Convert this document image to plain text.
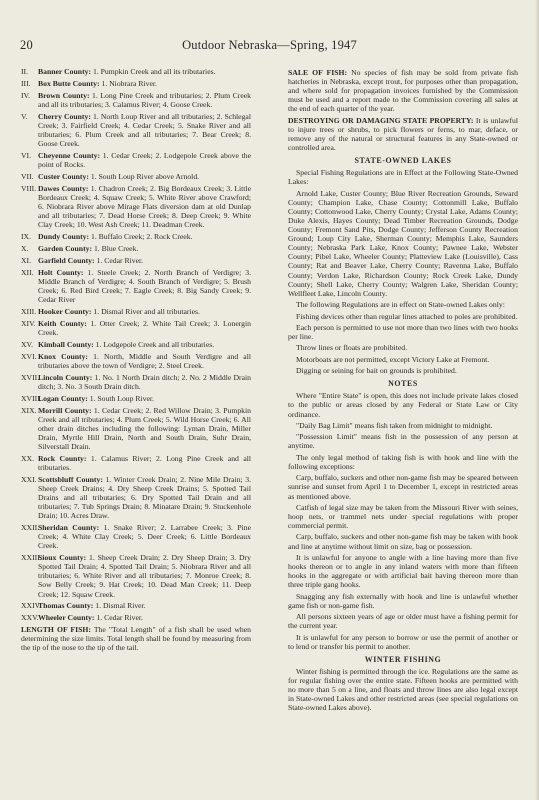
20	Outdoor Nebraska—Spring, 1947
II.	Banner County: 1. Pumpkin Creek and all its tributaries.
III. Box Butte County: 1. Niobrara River.
IV.	Brown County: 1. Long Pine Creek and tributaries; 2. Plum Creek and all its tributaries; 3. Calamus River; 4. Goose Creek.
V.	Cherry County: 1. North Loup River and all tributaries; 2. Schlegal Creek; 3. Fairfield Creek; 4. Cedar Creek; 5. Snake River and all tributaries; 6. Plum Creek and all tributaries; 7. Bear Creek; 8. Goose Creek.
VI. Cheyenne County: 1. Cedar Creek; 2. Lodgepole Creek above the point of Rocks.
VII. Custer County: 1. South Loup River above Arnold.
VIII. Dawes County: 1. Chadron Creek; 2. Big Bordeaux Creek; 3. Little Bordeaux Creek; 4. Squaw Creek; 5. White River above Crawford; 6. Niobrara River above Mirage Flats diversion dam at old Dunlap and all tributaries; 7. Dead Horse Creek; 8. Deep Creek; 9. White Clay Creek; 10. West Ash Creek; 11. Deadman Creek.
IX. Dundy County: 1. Buffalo Creek; 2. Rock Creek.
X.	Garden County: 1. Blue Creek.
XI. Garfield County: 1. Cedar River.
XII. Holt County: 1. Steele Creek; 2. North Branch of Verdigre; 3. Middle Branch of Verdigre; 4. South Branch of Verdigre; 5. Brush Creek; 6. Red Bird Creek; 7. Eagle Creek; 8. Big Sandy Creek; 9. Cedar River
XIII. Hooker County: 1. Dismal River and all tributaries.
XIV. Keith County: 1. Otter Creek; 2. White Tail Creek; 3. Lonergin Creek.
XV. Kimball County: 1. Lodgepole Creek and all tributaries.
XVI. Knox County: 1. North, Middle and South Verdigre and all tributaries above the town of Verdigre; 2. Steel Creek.
XVII.
Lincoln County: 1. No. 1 North Drain ditch; 2. No. 2 Middle Drain ditch; 3. No. 3 South Drain ditch.
XVIII.
Logan County: 1. South Loup River.
XIX. Morrill County: 1. Cedar Creek; 2. Red Willow Drain; 3. Pumpkin Creek and all tributaries; 4. Plum Creek; 5. Wild Horse Creek; 6. All other drain ditches including the following: Lyman Drain, Miller Drain, Myrtle Hill Drain, North and South Drain, Suhr Drain, Silverstall Drain.
XX. Rock County: 1. Calamus River; 2. Long Pine Creek and all tributaries.
XXI. Scottsbluff County: 1. Winter Creek Drain; 2. Nine Mile Drain; 3. Sheep Creek Drains; 4. Dry Sheep Creek Drains; 5. Spotted Tail Drains and all tributaries; 6. Dry Spotted Tail Drain and all tributaries; 7. Tub Springs Drain; 8. Minatare Drain; 9. Stuckenhole Drain; 10. Acres Draw.
XXII.
Sheridan County: 1. Snake River; 2. Larrabee Creek; 3. Pine Creek; 4. White Clay Creek; 5. Deer Creek; 6. Little Bordeaux Creek.
XXIII.
Sioux County: 1. Sheep Creek Drain; 2. Dry Sheep Drain; 3. Dry Spotted Tail Drain; 4. Spotted Tail Drain; 5. Niobrara River and all tributaries; 6. White River and all tributaries; 7. Monroe Creek; 8. Sow Belly Creek; 9. Hat Creek; 10. Dead Man Creek; 11. Deep Creek; 12. Squaw Creek.
XXIV.
Thomas County: 1. Dismal River.
XXV. Wheeler County: 1. Cedar River.
LENGTH OF FISH: The "Total Length" of a fish shall be used when determining the size limits. Total length shall be found by measuring from the tip of the nose to the tip of the tail.
SALE OF FISH: No species of fish may be sold from private fish hatcheries in Nebraska, except trout, for purposes other than propagation, and where sold for propagation invoices furnished by the Commission must be used and a report made to the Commission covering all sales at the end of each quarter of the year.
DESTROYING OR DAMAGING STATE PROPERTY: It is unlawful to injure trees or shrubs, to pick flowers or ferns, to mar, deface, or remove any of the natural or structural features in any State-owned or controlled area.
STATE-OWNED LAKES
Special Fishing Regulations are in Effect at the Following State-Owned Lakes:
Arnold Lake, Custer County; Blue River Recreation Grounds, Seward County; Champion Lake, Chase County; Cottonmill Lake, Buffalo County; Cottonwood Lake, Cherry County; Crystal Lake, Adams County; Duke Alexis, Hayes County; Dead Timber Recreation Grounds, Dodge County; Fremont Sand Pits, Dodge County; Jefferson County Recreation Ground; Loup City Lake, Sherman County; Memphis Lake, Saunders County; Nebraska Park Lake, Knox County; Pawnee Lake, Webster County; Pibel Lake, Wheeler County; Platteview Lake (Louisville), Cass County; Rat and Beaver Lake, Cherry County; Ravenna Lake, Buffalo County; Verdon Lake, Richardson County; Rock Creek Lake, Dundy County; Shell Lake, Cherry County; Walgren Lake, Sheridan County; Wellfleet Lake, Lincoln County.
The following Regulations are in effect on State-owned Lakes only:
Fishing devices other than regular lines attached to poles are prohibited.
Each person is permitted to use not more than two lines with two hooks per line.
Throw lines or floats are prohibited.
Motorboats are not permitted, except Victory Lake at Fremont.
Digging or seining for bait on grounds is prohibited.
NOTES
Where "Entire State" is open, this does not include private lakes closed to the public or areas closed by any Federal or State Law or City ordinance.
"Daily Bag Limit" means fish taken from midnight to midnight.
"Possession Limit" means fish in the possession of any person at anytime.
The only legal method of taking fish is with hook and line with the following exceptions:
Carp, buffalo, suckers and other non-game fish may be speared between sunrise and sunset from April 1 to December 1, except in restricted areas as mentioned above.
Catfish of legal size may be taken from the Missouri River with seines, hoop nets, or trammel nets under special regulations with proper commercial permit.
Carp, buffalo, suckers and other non-game fish may be taken with hook and line at anytime without limit on size, bag or possession.
It is unlawful for anyone to angle with a line having more than five hooks thereon or to angle in any inland waters with more than fifteen hooks in the aggregate or with artificial bait having thereon more than three triple gang hooks.
Snagging any fish externally with hook and line is unlawful whether game fish or non-game fish.
All persons sixteen years of age or older must have a fishing permit for the current year.
It is unlawful for any person to borrow or use the permit of another or to lend or transfer his permit to another.
WINTER FISHING
Winter fishing is permitted through the ice. Regulations are the same as for regular fishing over the entire state. Fifteen hooks are permitted with no more than 5 on a line, and floats and throw lines are also legal except in State-owned Lakes and other restricted areas (see special regulations on State-owned Lakes above).
